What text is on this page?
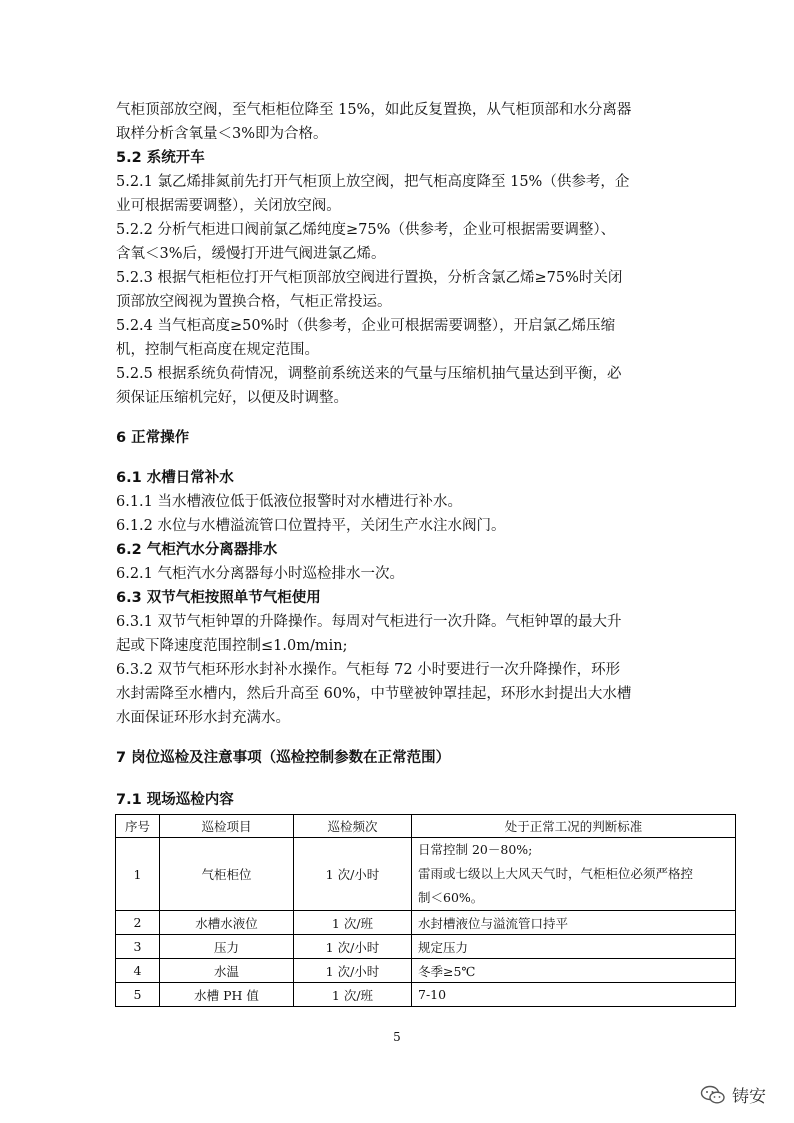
气柜顶部放空阀，至气柜柜位降至 15%，如此反复置换，从气柜顶部和水分离器
取样分析含氧量＜3%即为合格。
5.2 系统开车
5.2.1 氯乙烯排氮前先打开气柜顶上放空阀，把气柜高度降至 15%（供参考，企
业可根据需要调整），关闭放空阀。
5.2.2 分析气柜进口阀前氯乙烯纯度≥75%（供参考，企业可根据需要调整）、
含氧＜3%后，缓慢打开进气阀进氯乙烯。
5.2.3 根据气柜柜位打开气柜顶部放空阀进行置换，分析含氯乙烯≥75%时关闭
顶部放空阀视为置换合格，气柜正常投运。
5.2.4 当气柜高度≥50%时（供参考，企业可根据需要调整），开启氯乙烯压缩
机，控制气柜高度在规定范围。
5.2.5 根据系统负荷情况，调整前系统送来的气量与压缩机抽气量达到平衡，必
须保证压缩机完好，以便及时调整。
6 正常操作
6.1 水槽日常补水
6.1.1 当水槽液位低于低液位报警时对水槽进行补水。
6.1.2 水位与水槽溢流管口位置持平，关闭生产水注水阀门。
6.2 气柜汽水分离器排水
6.2.1 气柜汽水分离器每小时巡检排水一次。
6.3 双节气柜按照单节气柜使用
6.3.1 双节气柜钟罩的升降操作。每周对气柜进行一次升降。气柜钟罩的最大升
起或下降速度范围控制≤1.0m/min;
6.3.2 双节气柜环形水封补水操作。气柜每 72 小时要进行一次升降操作，环形
水封需降至水槽内，然后升高至 60%，中节壁被钟罩挂起，环形水封提出大水槽
水面保证环形水封充满水。
7 岗位巡检及注意事项（巡检控制参数在正常范围）
7.1 现场巡检内容
序号	巡检项目	巡检频次	处于正常工况的判断标准
1	气柜柜位	1 次/小时	日常控制 20－80%;
雷雨或七级以上大风天气时，气柜柜位必须严格控
制＜60%。

2	水槽水液位	1 次/班	水封槽液位与溢流管口持平
3	压力	1 次/小时	规定压力
4	水温	1 次/小时	冬季≥5℃
5	水槽 PH 值	1 次/班	7-10
5
铸安
